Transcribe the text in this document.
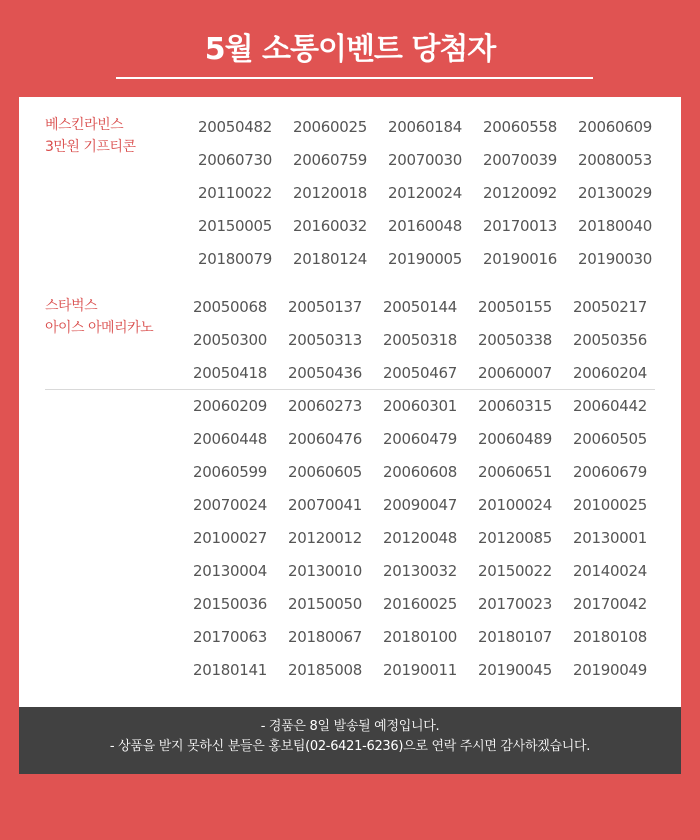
5월 소통이벤트 당첨자
베스킨라빈스
3만원 기프티콘
20050482	20060025	20060184	20060558	20060609
20060730	20060759	20070030	20070039	20080053
20110022	20120018	20120024	20120092	20130029
20150005	20160032	20160048	20170013	20180040
20180079	20180124	20190005	20190016	20190030
스타벅스
아이스 아메리카노
20050068	20050137	20050144	20050155	20050217
20050300	20050313	20050318	20050338	20050356
20050418	20050436	20050467	20060007	20060204
20060209	20060273	20060301	20060315	20060442
20060448	20060476	20060479	20060489	20060505
20060599	20060605	20060608	20060651	20060679
20070024	20070041	20090047	20100024	20100025
20100027	20120012	20120048	20120085	20130001
20130004	20130010	20130032	20150022	20140024
20150036	20150050	20160025	20170023	20170042
20170063	20180067	20180100	20180107	20180108
20180141	20185008	20190011	20190045	20190049
- 경품은 8일 발송될 예정입니다.
- 상품을 받지 못하신 분들은 홍보팀(02-6421-6236)으로 연락 주시면 감사하겠습니다.
